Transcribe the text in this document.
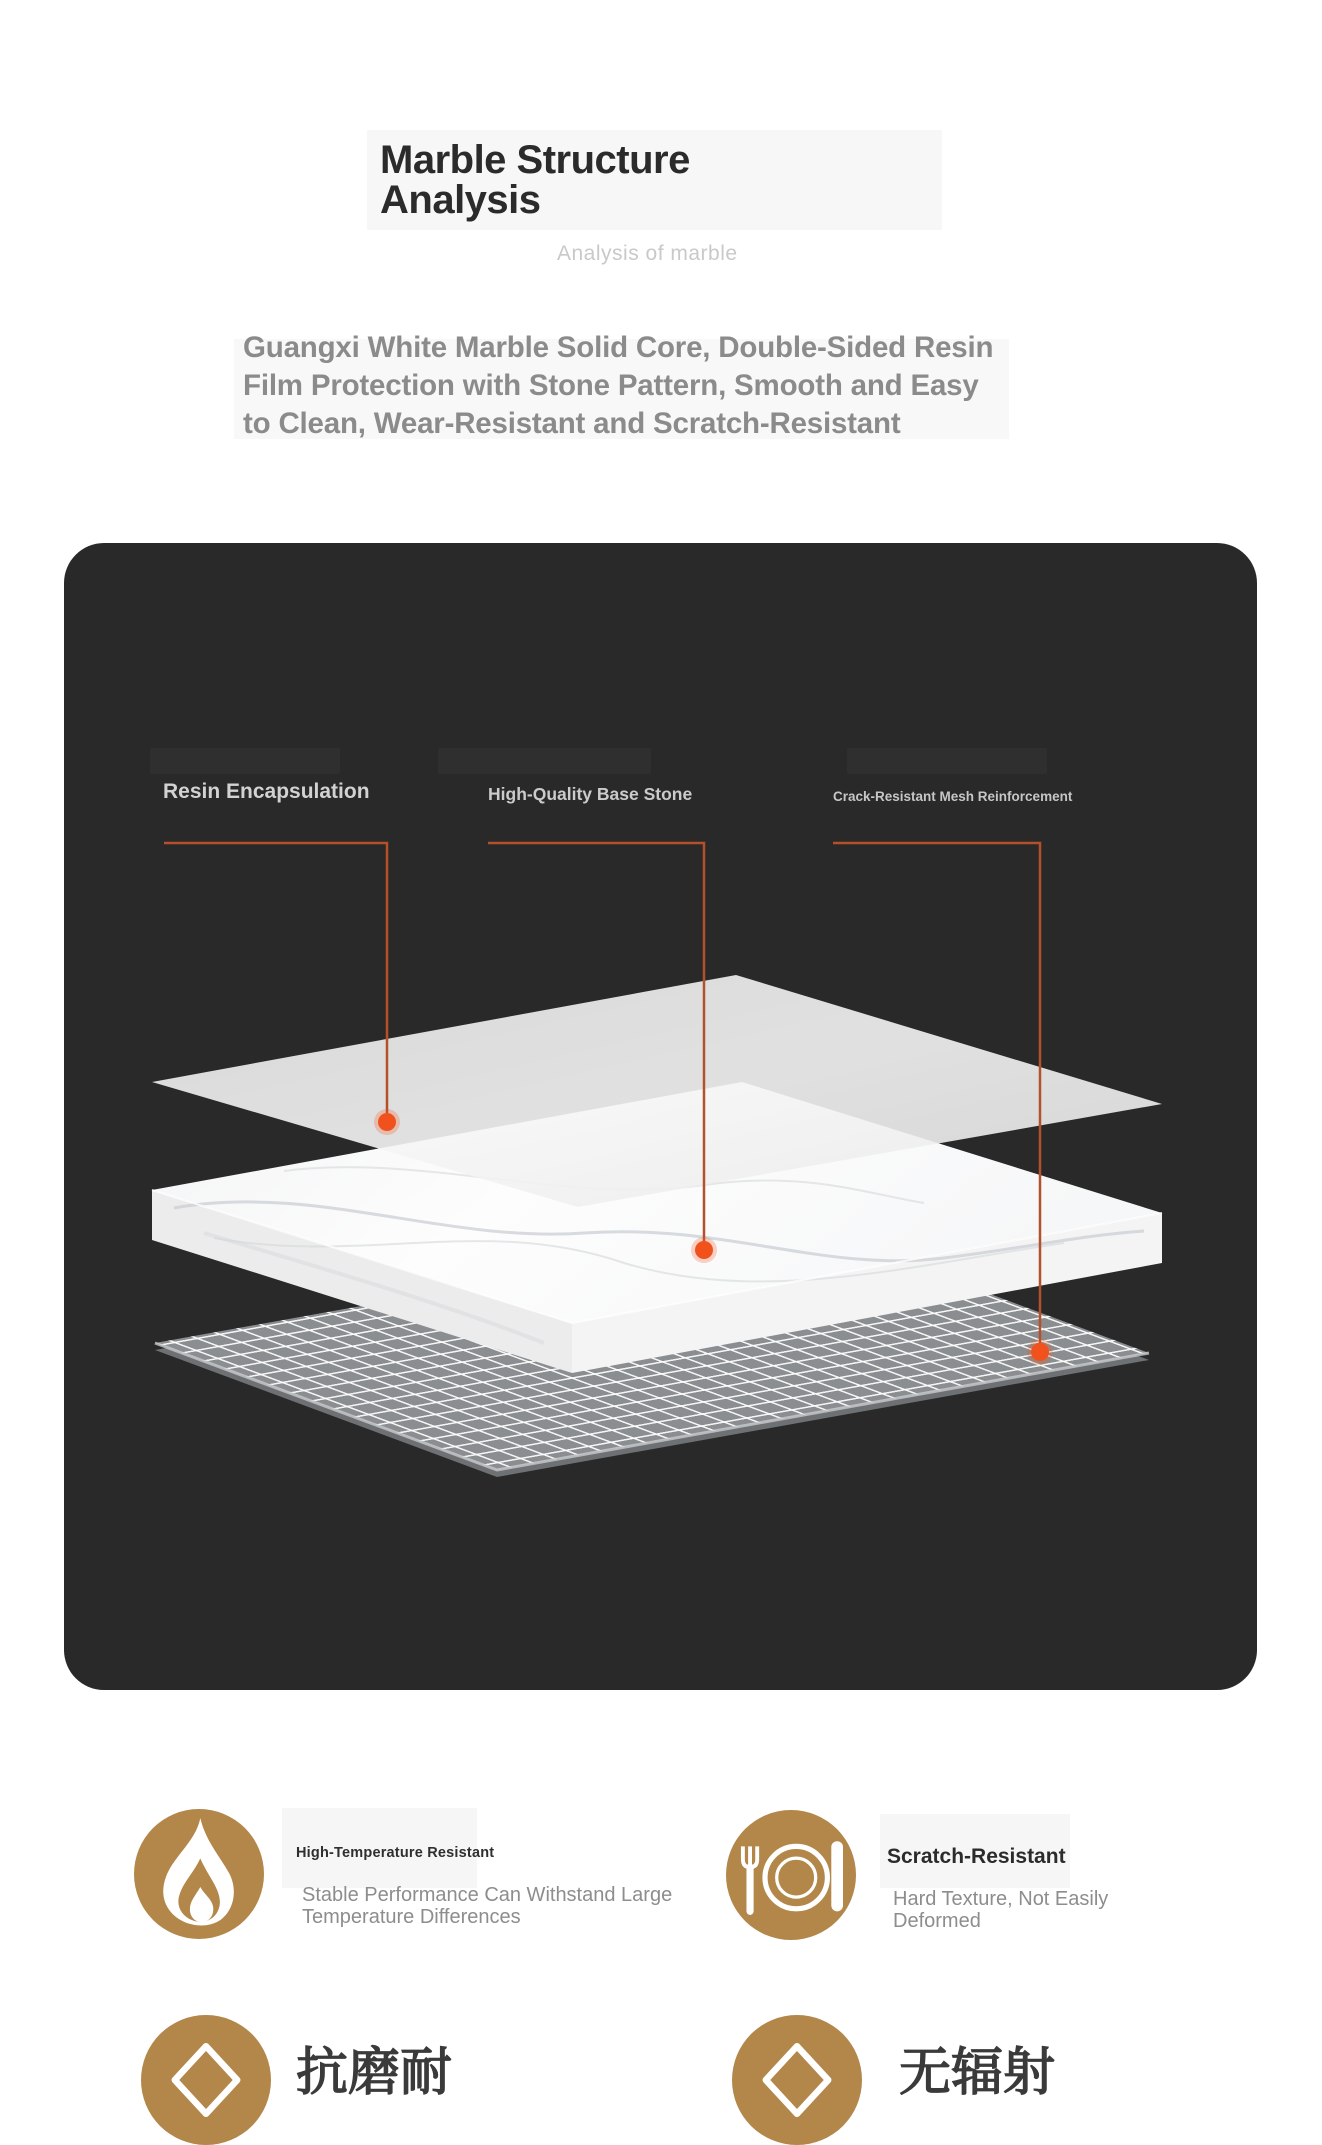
Marble Structure
Analysis
Analysis of marble
Guangxi White Marble Solid Core, Double-Sided Resin
Film Protection with Stone Pattern, Smooth and Easy
to Clean, Wear-Resistant and Scratch-Resistant
Resin Encapsulation	High-Quality Base Stone	Crack-Resistant Mesh Reinforcement
High-Temperature Resistant
Stable Performance Can Withstand Large
Temperature Differences
Scratch-Resistant
Hard Texture, Not Easily
Deformed
抗磨耐	无辐射
